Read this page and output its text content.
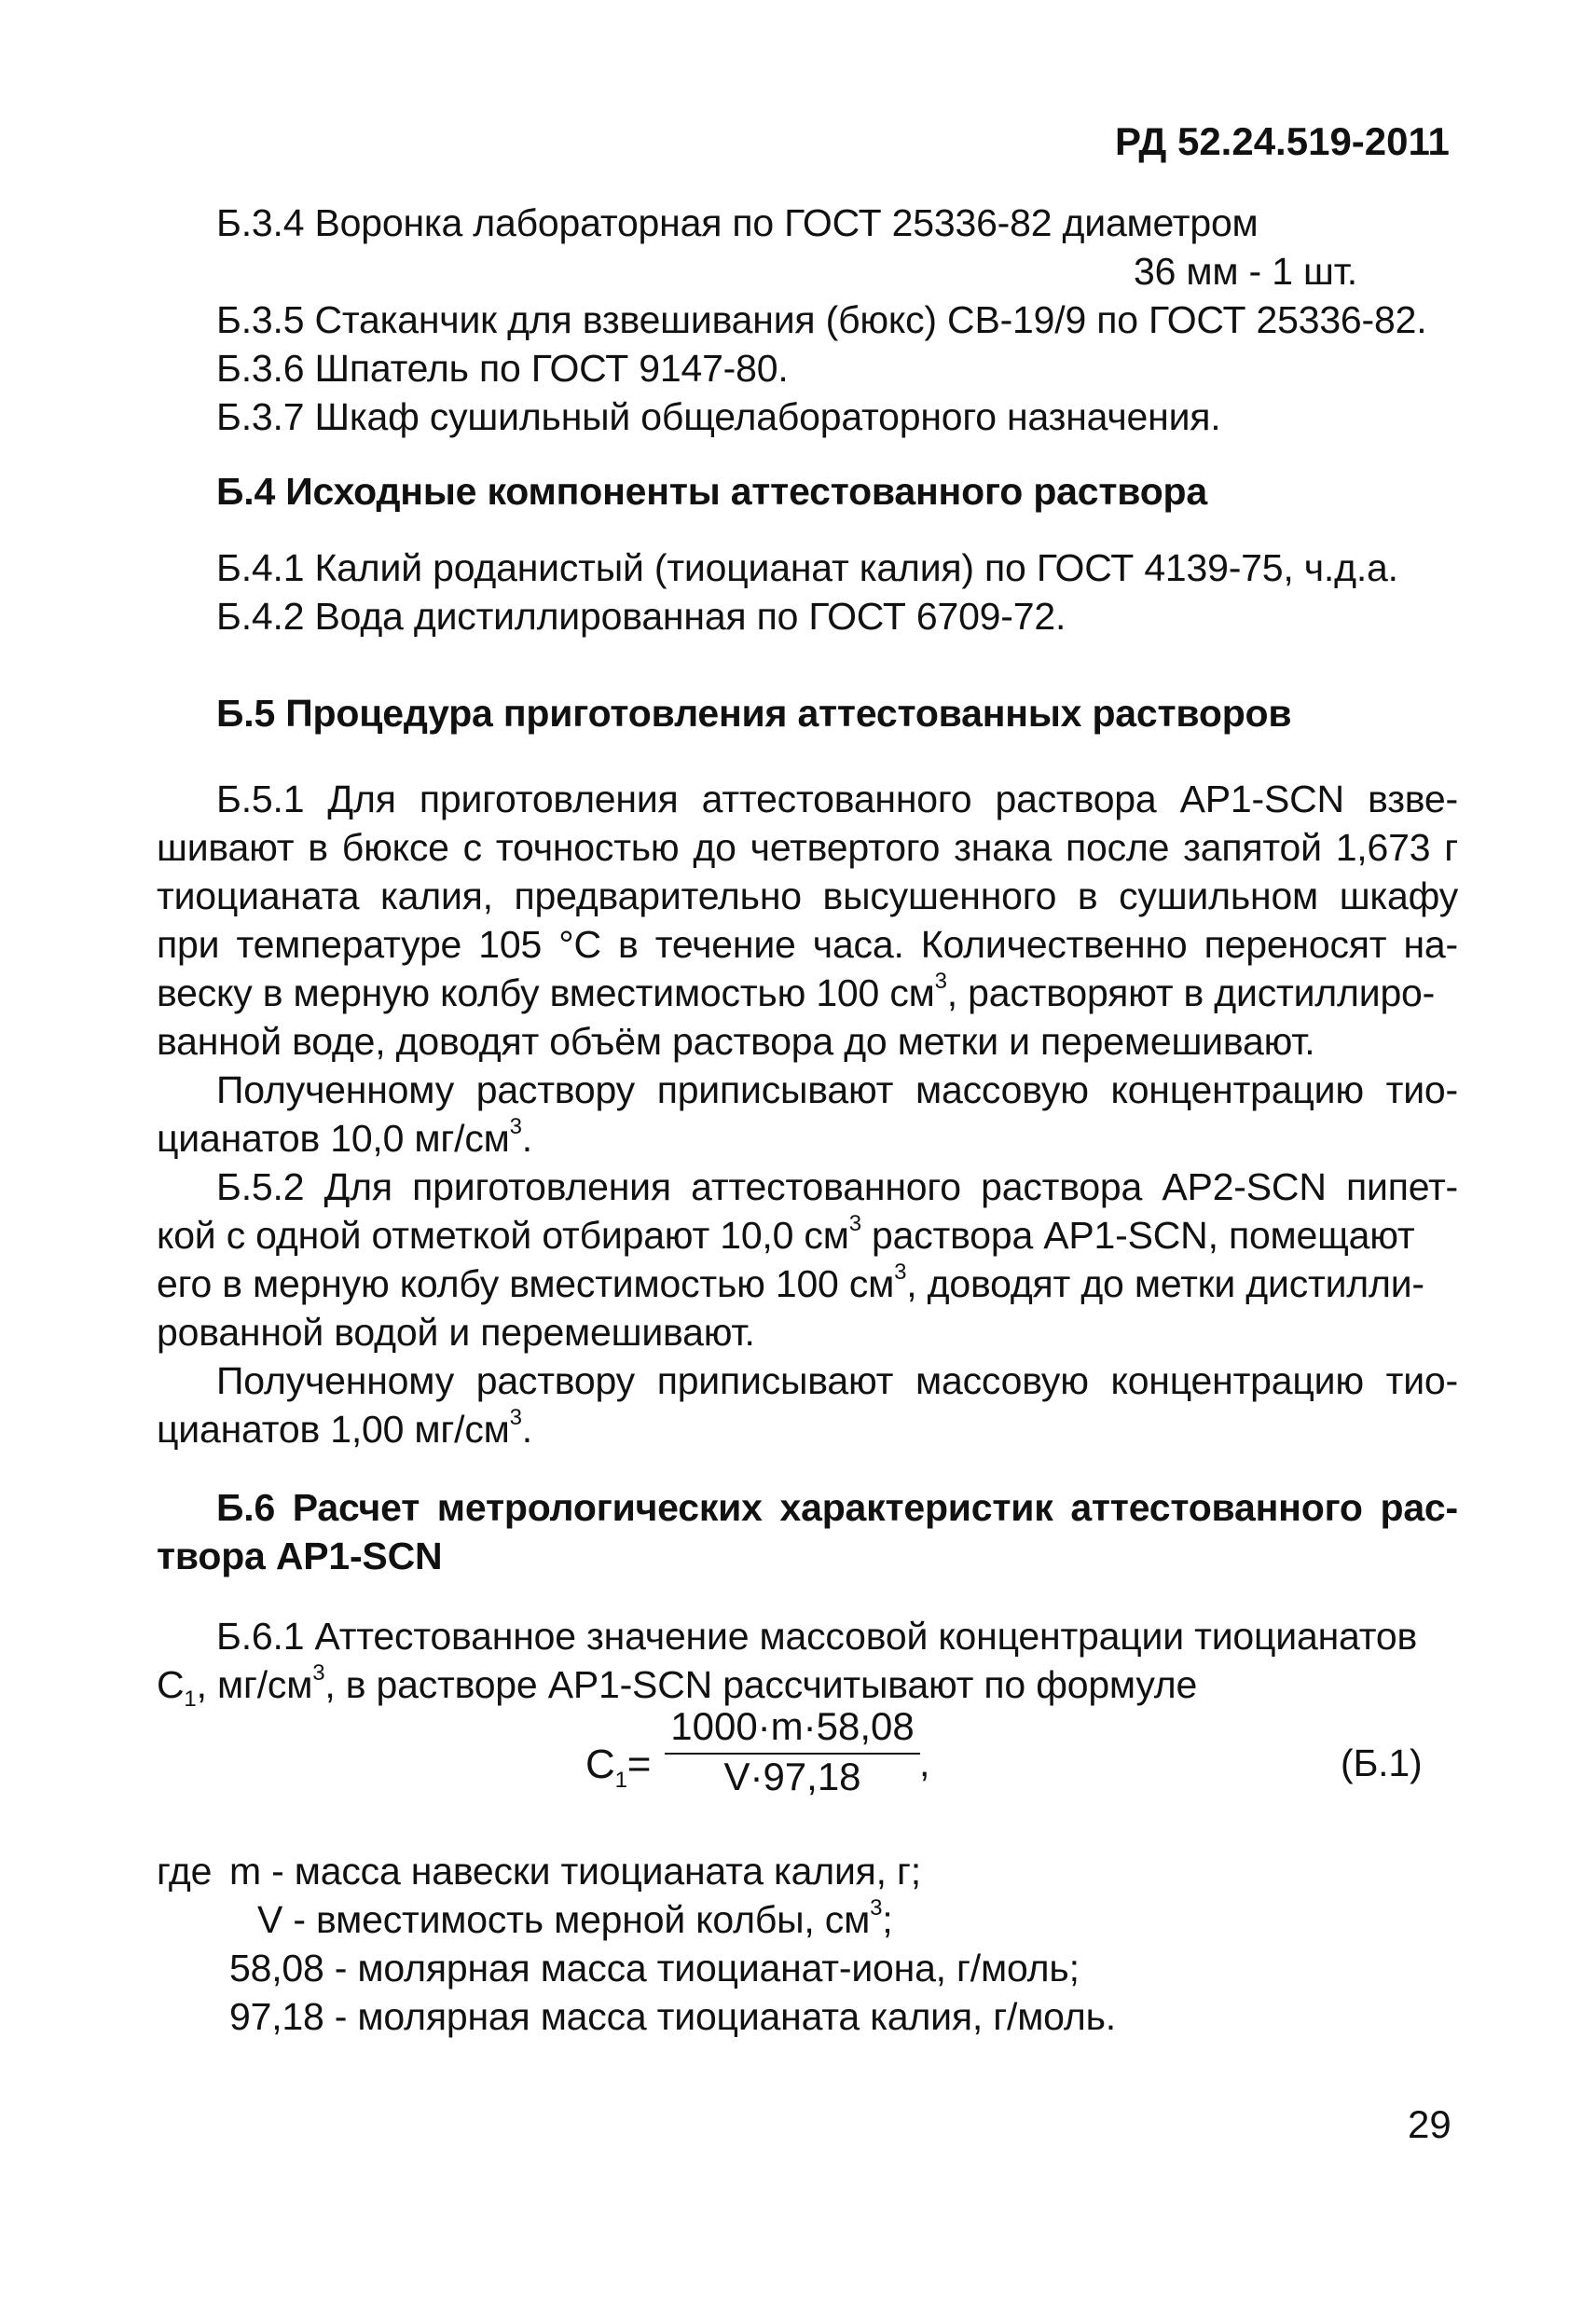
РД 52.24.519-2011
Б.3.4 Воронка лабораторная по ГОСТ 25336-82 диаметром
36 мм - 1 шт.
Б.3.5 Стаканчик для взвешивания (бюкс) СВ-19/9 по ГОСТ 25336-82.
Б.3.6 Шпатель по ГОСТ 9147-80.
Б.3.7 Шкаф сушильный общелабораторного назначения.
Б.4 Исходные компоненты аттестованного раствора
Б.4.1 Калий роданистый (тиоцианат калия) по ГОСТ 4139-75, ч.д.а.
Б.4.2 Вода дистиллированная по ГОСТ 6709-72.
Б.5 Процедура приготовления аттестованных растворов
Б.5.1 Для приготовления аттестованного раствора АР1-SCN взве-
шивают в бюксе с точностью до четвертого знака после запятой 1,673 г
тиоцианата калия, предварительно высушенного в сушильном шкафу
при температуре 105 °С в течение часа. Количественно переносят на-
веску в мерную колбу вместимостью 100 $см^3$, растворяют в дистиллиро-
ванной воде, доводят объём раствора до метки и перемешивают.
Полученному раствору приписывают массовую концентрацию тио-
цианатов 10,0 $мг/см^3$.
Б.5.2 Для приготовления аттестованного раствора АР2-SCN пипет-
кой с одной отметкой отбирают 10,0 $см^3$ раствора АР1-SCN, помещают
его в мерную колбу вместимостью 100 $см^3$, доводят до метки дистилли-
рованной водой и перемешивают.
Полученному раствору приписывают массовую концентрацию тио-
цианатов 1,00 $мг/см^3$.
Б.6 Расчет метрологических характеристик аттестованного рас-
твора АР1-SCN
Б.6.1 Аттестованное значение массовой концентрации тиоцианатов
$С_1$, $мг/см^3$, в растворе АР1-SCN рассчитывают по формуле
$C_1= \frac{1000\cdot m\cdot 58,08}{V\cdot 97,18}$
,	(Б.1)
где m - масса навески тиоцианата калия, г;
V - вместимость мерной колбы, $см^3$;
58,08 - молярная масса тиоцианат-иона, г/моль;
97,18 - молярная масса тиоцианата калия, г/моль.
29
